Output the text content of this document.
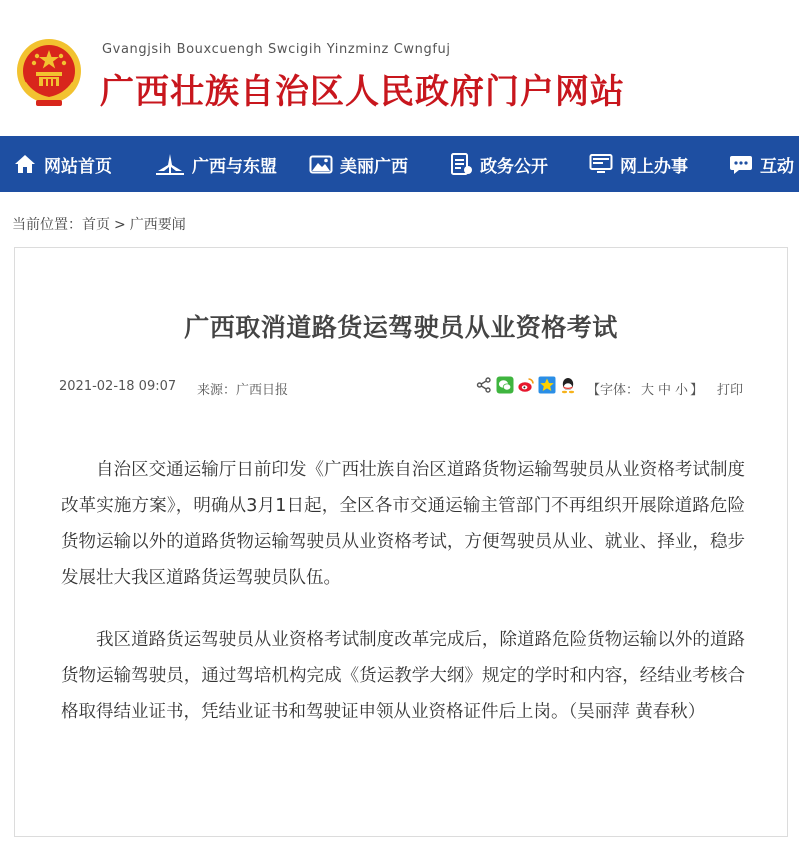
Gvangjsih Bouxcuengh Swcigih Yinzminz Cwngfuj
广西壮族自治区人民政府门户网站
网站首页	广西与东盟	美丽广西	政务公开	网上办事	互动
当前位置：首页 > 广西要闻
广西取消道路货运驾驶员从业资格考试
2021-02-18 09:07 来源：广西日报	【字体： 大 中 小 】 打印

自治区交通运输厅日前印发《广西壮族自治区道路货物运输驾驶员从业资格考试制度改革实施方案》，明确从3月1日起，全区各市交通运输主管部门不再组织开展除道路危险货物运输以外的道路货物运输驾驶员从业资格考试，方便驾驶员从业、就业、择业，稳步发展壮大我区道路货运驾驶员队伍。

我区道路货运驾驶员从业资格考试制度改革完成后，除道路危险货物运输以外的道路货物运输驾驶员，通过驾培机构完成《货运教学大纲》规定的学时和内容，经结业考核合格取得结业证书，凭结业证书和驾驶证申领从业资格证件后上岗。（吴丽萍 黄春秋）
